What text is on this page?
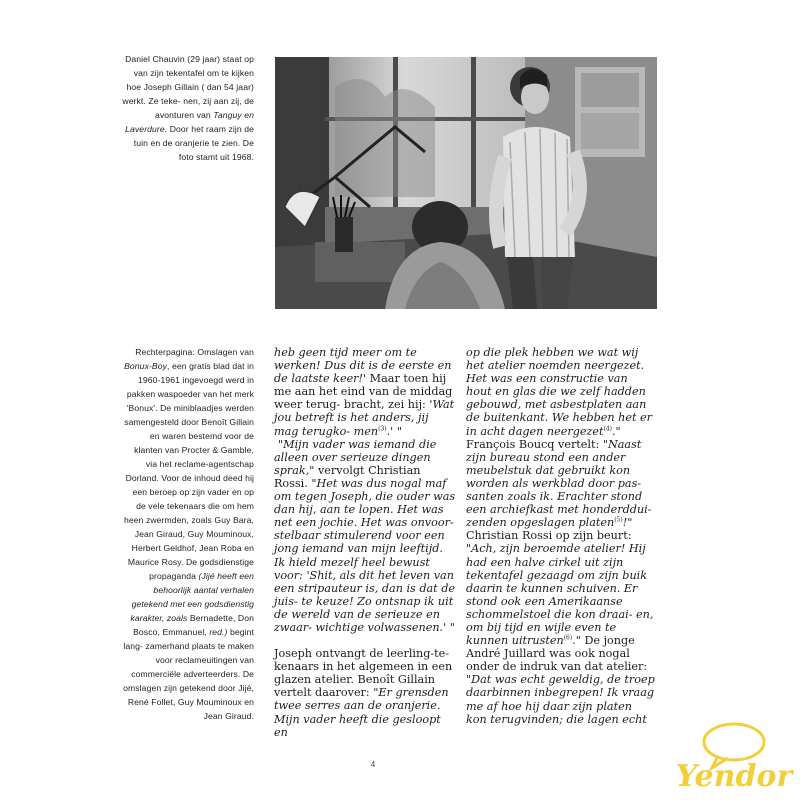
Daniel Chauvin (29 jaar) staat op van zijn tekentafel om te kijken hoe Joseph Gillain ( dan 54 jaar) werkt. Ze teke- nen, zij aan zij, de avonturen van Tanguy en Laverdure. Door het raam zijn de tuin en de oranjerie te zien. De foto stamt uit 1968.
Rechterpagina: Omslagen van Bonux-Boy, een gratis blad dat in 1960-1961 ingevoegd werd in pakken waspoeder van het merk 'Bonux'. De miniblaadjes werden samengesteld door Benoît Gillain en waren bestemd voor de klanten van Procter & Gamble, via het reclame-agentschap Dorland. Voor de inhoud deed hij een beroep op zijn vader en op de vele tekenaars die om hem heen zwermden, zoals Guy Bara, Jean Giraud, Guy Mouminoux, Herbert Geldhof, Jean Roba en Maurice Rosy. De godsdienstige propaganda (Jijé heeft een behoorlijk aantal verhalen getekend met een godsdienstig karakter, zoals Bernadette, Don Bosco, Emmanuel, red.) begint lang- zamerhand plaats te maken voor reclameuitingen van commerciële adverteerders. De omslagen zijn getekend door Jijé, René Follet, Guy Mouminoux en Jean Giraud.

heb geen tijd meer om te werken! Dus dit is de eerste en de laatste keer!' Maar toen hij me aan het eind van de middag weer terug- bracht, zei hij: 'Wat jou betreft is het anders, jij mag terugko- men$^{(3)}$.' "

"Mijn vader was iemand die alleen over serieuze dingen sprak," vervolgt Christian Rossi. "Het was dus nogal maf om tegen Joseph, die ouder was dan hij, aan te lopen. Het was net een jochie. Het was onvoor- stelbaar stimulerend voor een jong iemand van mijn leeftijd. Ik hield mezelf heel bewust voor: 'Shit, als dit het leven van een stripauteur is, dan is dat de juis- te keuze! Zo ontsnap ik uit de wereld van de serieuze en zwaar- wichtige volwassenen.' "

Joseph ontvangt de leerling-te- kenaars in het algemeen in een glazen atelier. Benoît Gillain vertelt daarover: "Er grensden twee serres aan de oranjerie. Mijn vader heeft die gesloopt en

op die plek hebben we wat wij het atelier noemden neergezet. Het was een constructie van hout en glas die we zelf hadden gebouwd, met asbestplaten aan de buitenkant. We hebben het er in acht dagen neergezet$^{(4)}$."

François Boucq vertelt: "Naast zijn bureau stond een ander meubelstuk dat gebruikt kon worden als werkblad door pas- santen zoals ik. Erachter stond een archiefkast met honderddui- zenden opgeslagen platen$^{(5)}$!"

Christian Rossi op zijn beurt: "Ach, zijn beroemde atelier! Hij had een halve cirkel uit zijn tekentafel gezaagd om zijn buik daarin te kunnen schuiven. Er stond ook een Amerikaanse schommelstoel die kon draai- en, om bij tijd en wijle even te kunnen uitrusten$^{(6)}$." De jonge André Juillard was ook nogal onder de indruk van dat atelier: "Dat was echt geweldig, de troep daarbinnen inbegrepen! Ik vraag me af hoe hij daar zijn platen kon terugvinden; die lagen echt

4	Yendor
